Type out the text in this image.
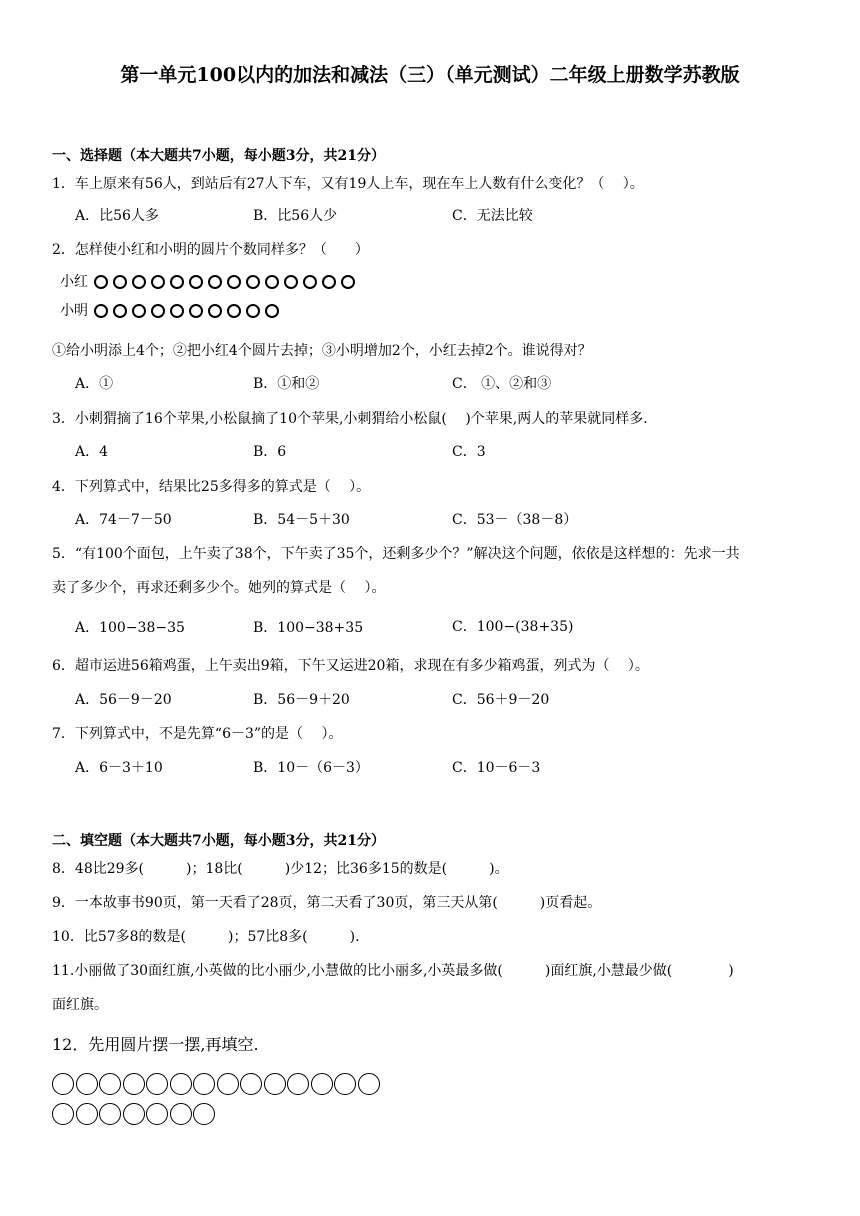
第一单元100以内的加法和减法（三）（单元测试）二年级上册数学苏教版
一、选择题（本大题共7小题，每小题3分，共21分）
1．车上原来有56人，到站后有27人下车，又有19人上车，现在车上人数有什么变化？（　 ）。
A．比56人多	B．比56人少	C．无法比较
2．怎样使小红和小明的圆片个数同样多？（　　）
小红
小明
①给小明添上4个；②把小红4个圆片去掉；③小明增加2个，小红去掉2个。谁说得对？
A．①	B．①和②	C． ①、②和③
3．小刺猬摘了16个苹果,小松鼠摘了10个苹果,小刺猬给小松鼠(　 )个苹果,两人的苹果就同样多.
A．4	B．6	C．3
4．下列算式中，结果比25多得多的算式是（　 ）。
A．74－7－50	B．54－5＋30	C．53－（38－8）
5．“有100个面包，上午卖了38个，下午卖了35个，还剩多少个？”解决这个问题，依依是这样想的：先求一共
卖了多少个，再求还剩多少个。她列的算式是（　 ）。
A．100−38−35	B．100−38+35	C．100−(38+35)
6．超市运进56箱鸡蛋，上午卖出9箱，下午又运进20箱，求现在有多少箱鸡蛋，列式为（　 ）。
A．56－9－20	B．56－9＋20	C．56＋9－20
7．下列算式中，不是先算“6－3”的是（　 ）。
A．6－3＋10	B．10－（6－3）	C．10－6－3
二、填空题（本大题共7小题，每小题3分，共21分）
8．48比29多(　　　)；18比(　　　)少12；比36多15的数是(　　　)。
9．一本故事书90页，第一天看了28页，第二天看了30页，第三天从第(　　　)页看起。
10．比57多8的数是(　　　)；57比8多(　　　).
11.小丽做了30面红旗,小英做的比小丽少,小慧做的比小丽多,小英最多做(　　　)面红旗,小慧最少做(　　　　)
面红旗。
12．先用圆片摆一摆,再填空.
